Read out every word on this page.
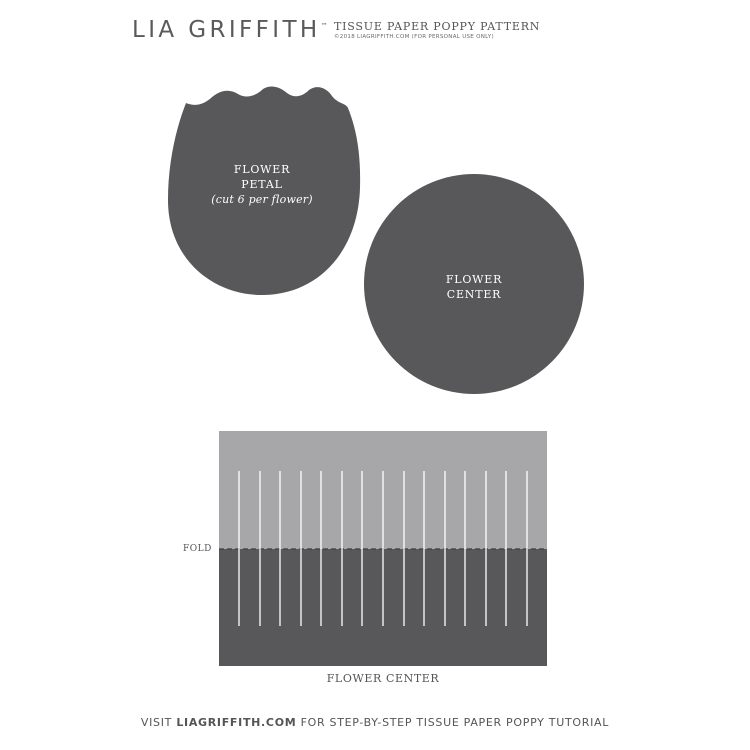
LIA GRIFFITH™ TISSUE PAPER POPPY PATTERN
©2018 LIAGRIFFITH.COM (FOR PERSONAL USE ONLY)
FLOWER
PETAL
(cut 6 per flower)
FLOWER
CENTER
FOLD
FLOWER CENTER
VISIT LIAGRIFFITH.COM FOR STEP-BY-STEP TISSUE PAPER POPPY TUTORIAL
